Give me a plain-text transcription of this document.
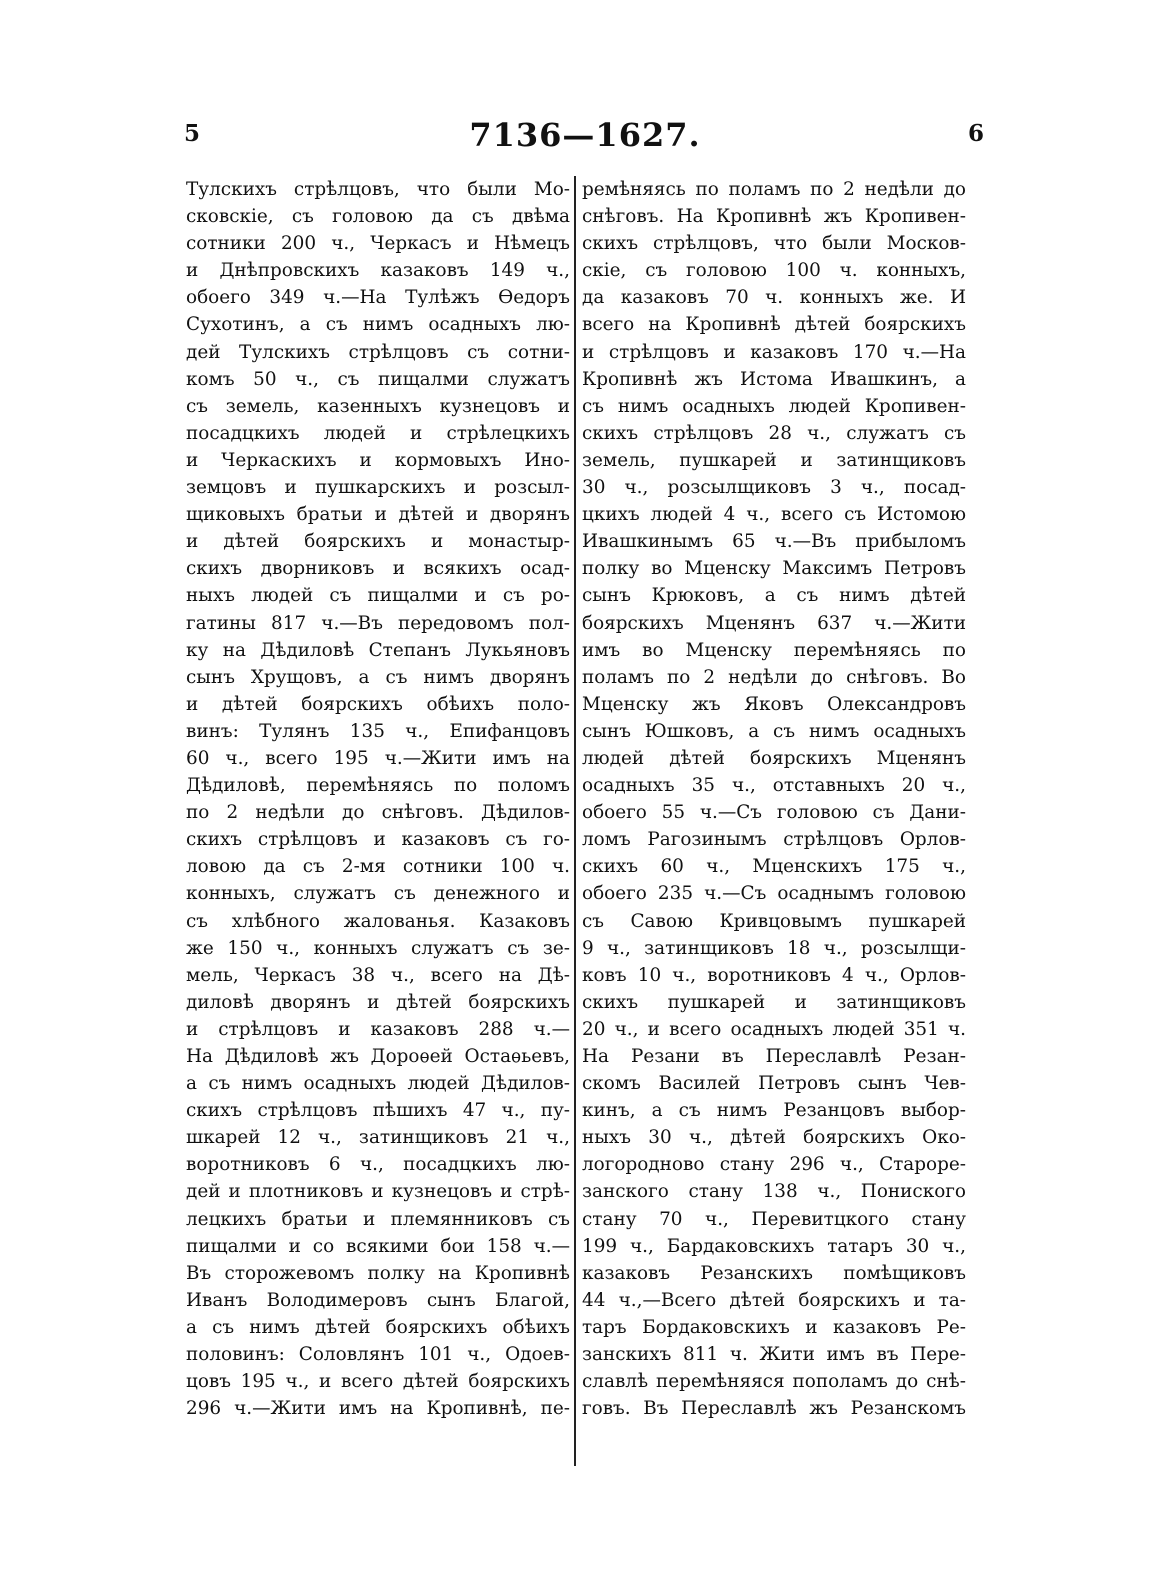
5	7136—1627.	6
Тулскихъ стрѣлцовъ, что были Мо-
сковскіе, съ головою да съ двѣма
сотники 200 ч., Черкасъ и Нѣмецъ
и Днѣпровскихъ казаковъ 149 ч.,
обоего 349 ч.—На Тулѣжъ Ѳедоръ
Сухотинъ, а съ нимъ осадныхъ лю-
дей Тулскихъ стрѣлцовъ съ сотни-
комъ 50 ч., съ пищалми служатъ
съ земель, казенныхъ кузнецовъ и
посадцкихъ людей и стрѣлецкихъ
и Черкаскихъ и кормовыхъ Ино-
земцовъ и пушкарскихъ и розсыл-
щиковыхъ братьи и дѣтей и дворянъ
и дѣтей боярскихъ и монастыр-
скихъ дворниковъ и всякихъ осад-
ныхъ людей съ пищалми и съ ро-
гатины 817 ч.—Въ передовомъ пол-
ку на Дѣдиловѣ Степанъ Лукьяновъ
сынъ Хрущовъ, а съ нимъ дворянъ
и дѣтей боярскихъ обѣихъ поло-
винъ: Тулянъ 135 ч., Епифанцовъ
60 ч., всего 195 ч.—Жити имъ на
Дѣдиловѣ, перемѣняясь по поломъ
по 2 недѣли до снѣговъ. Дѣдилов-
скихъ стрѣлцовъ и казаковъ съ го-
ловою да съ 2-мя сотники 100 ч.
конныхъ, служатъ съ денежного и
съ хлѣбного жалованья. Казаковъ
же 150 ч., конныхъ служатъ съ зе-
мель, Черкасъ 38 ч., всего на Дѣ-
диловѣ дворянъ и дѣтей боярскихъ
и стрѣлцовъ и казаковъ 288 ч.—
На Дѣдиловѣ жъ Дороѳей Остаѳьевъ,
а съ нимъ осадныхъ людей Дѣдилов-
скихъ стрѣлцовъ пѣшихъ 47 ч., пу-
шкарей 12 ч., затинщиковъ 21 ч.,
воротниковъ 6 ч., посадцкихъ лю-
дей и плотниковъ и кузнецовъ и стрѣ-
лецкихъ братьи и племянниковъ съ
пищалми и со всякими бои 158 ч.—
Въ сторожевомъ полку на Кропивнѣ
Иванъ Володимеровъ сынъ Благой,
а съ нимъ дѣтей боярскихъ обѣихъ
половинъ: Соловлянъ 101 ч., Одоев-
цовъ 195 ч., и всего дѣтей боярскихъ
296 ч.—Жити имъ на Кропивнѣ, пе-
ремѣняясь по поламъ по 2 недѣли до
снѣговъ. На Кропивнѣ жъ Кропивен-
скихъ стрѣлцовъ, что были Москов-
скіе, съ головою 100 ч. конныхъ,
да казаковъ 70 ч. конныхъ же. И
всего на Кропивнѣ дѣтей боярскихъ
и стрѣлцовъ и казаковъ 170 ч.—На
Кропивнѣ жъ Истома Ивашкинъ, а
съ нимъ осадныхъ людей Кропивен-
скихъ стрѣлцовъ 28 ч., служатъ съ
земель, пушкарей и затинщиковъ
30 ч., розсылщиковъ 3 ч., посад-
цкихъ людей 4 ч., всего съ Истомою
Ивашкинымъ 65 ч.—Въ прибыломъ
полку во Мценску Максимъ Петровъ
сынъ Крюковъ, а съ нимъ дѣтей
боярскихъ Мценянъ 637 ч.—Жити
имъ во Мценску перемѣняясь по
поламъ по 2 недѣли до снѣговъ. Во
Мценску жъ Яковъ Олександровъ
сынъ Юшковъ, а съ нимъ осадныхъ
людей дѣтей боярскихъ Мценянъ
осадныхъ 35 ч., отставныхъ 20 ч.,
обоего 55 ч.—Съ головою съ Дани-
ломъ Рагозинымъ стрѣлцовъ Орлов-
скихъ 60 ч., Мценскихъ 175 ч.,
обоего 235 ч.—Съ осаднымъ головою
съ Савою Кривцовымъ пушкарей
9 ч., затинщиковъ 18 ч., розсылщи-
ковъ 10 ч., воротниковъ 4 ч., Орлов-
скихъ пушкарей и затинщиковъ
20 ч., и всего осадныхъ людей 351 ч.
На Резани въ Переславлѣ Резан-
скомъ Василей Петровъ сынъ Чев-
кинъ, а съ нимъ Резанцовъ выбор-
ныхъ 30 ч., дѣтей боярскихъ Око-
логородново стану 296 ч., Староре-
занского стану 138 ч., Пониского
стану 70 ч., Перевитцкого стану
199 ч., Бардаковскихъ татаръ 30 ч.,
казаковъ Резанскихъ помѣщиковъ
44 ч.,—Всего дѣтей боярскихъ и та-
таръ Бордаковскихъ и казаковъ Ре-
занскихъ 811 ч. Жити имъ въ Пере-
славлѣ перемѣняяся пополамъ до снѣ-
говъ. Въ Переславлѣ жъ Резанскомъ
